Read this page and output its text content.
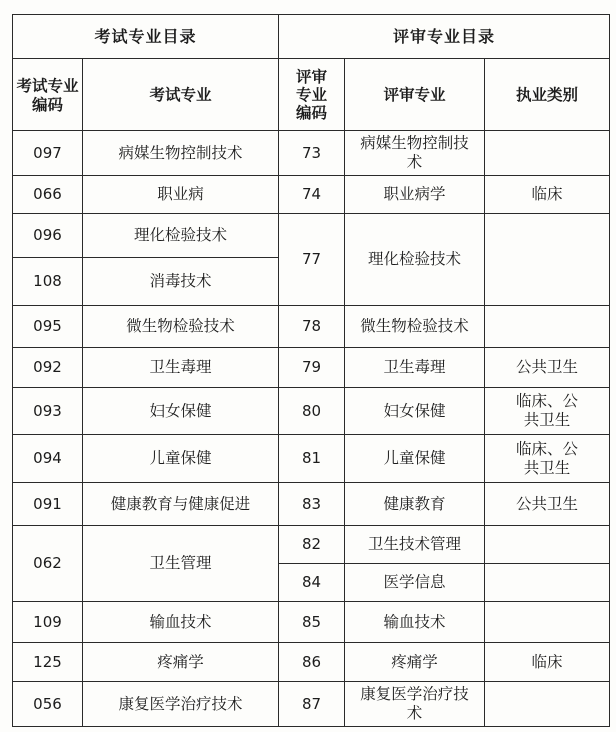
考试专业目录		评审专业目录		

考试专业编码	考试专业	评审专业编码	评审专业	执业类别
097	病媒生物控制技术	73	病媒生物控制技术	

066	职业病	74	职业病学	临床
096	理化检验技术	77	理化检验技术	
108	消毒技术			
095	微生物检验技术	78	微生物检验技术	
092	卫生毒理	79	卫生毒理	公共卫生
093	妇女保健	80	妇女保健	临床、公共卫生

094	儿童保健	81	儿童保健	临床、公共卫生

091	健康教育与健康促进	83	健康教育	公共卫生
062	卫生管理	82	卫生技术管理	
		84	医学信息	
109	输血技术	85	输血技术	
125	疼痛学	86	疼痛学	临床
056	康复医学治疗技术	87	康复医学治疗技术	
